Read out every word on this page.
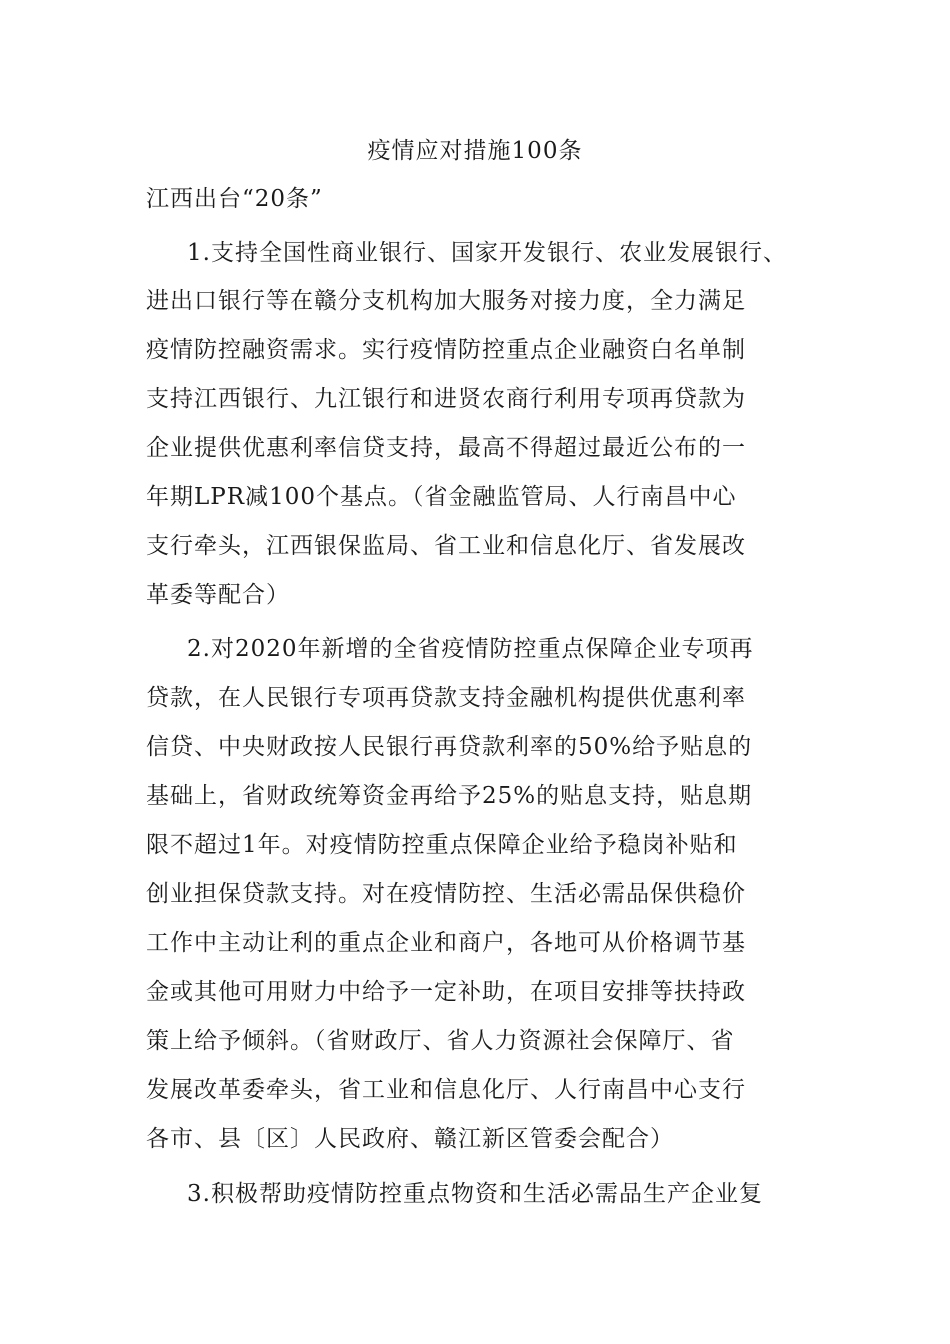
疫情应对措施100条
江西出台“20条”
1.支持全国性商业银行、国家开发银行、农业发展银行、
进出口银行等在赣分支机构加大服务对接力度，全力满足
疫情防控融资需求。实行疫情防控重点企业融资白名单制
支持江西银行、九江银行和进贤农商行利用专项再贷款为
企业提供优惠利率信贷支持，最高不得超过最近公布的一
年期LPR减100个基点。（省金融监管局、人行南昌中心
支行牵头，江西银保监局、省工业和信息化厅、省发展改
革委等配合）
2.对2020年新增的全省疫情防控重点保障企业专项再
贷款，在人民银行专项再贷款支持金融机构提供优惠利率
信贷、中央财政按人民银行再贷款利率的50%给予贴息的
基础上，省财政统筹资金再给予25%的贴息支持，贴息期
限不超过1年。对疫情防控重点保障企业给予稳岗补贴和
创业担保贷款支持。对在疫情防控、生活必需品保供稳价
工作中主动让利的重点企业和商户，各地可从价格调节基
金或其他可用财力中给予一定补助，在项目安排等扶持政
策上给予倾斜。（省财政厅、省人力资源社会保障厅、省
发展改革委牵头，省工业和信息化厅、人行南昌中心支行
各市、县〔区〕人民政府、赣江新区管委会配合）
3.积极帮助疫情防控重点物资和生活必需品生产企业复
